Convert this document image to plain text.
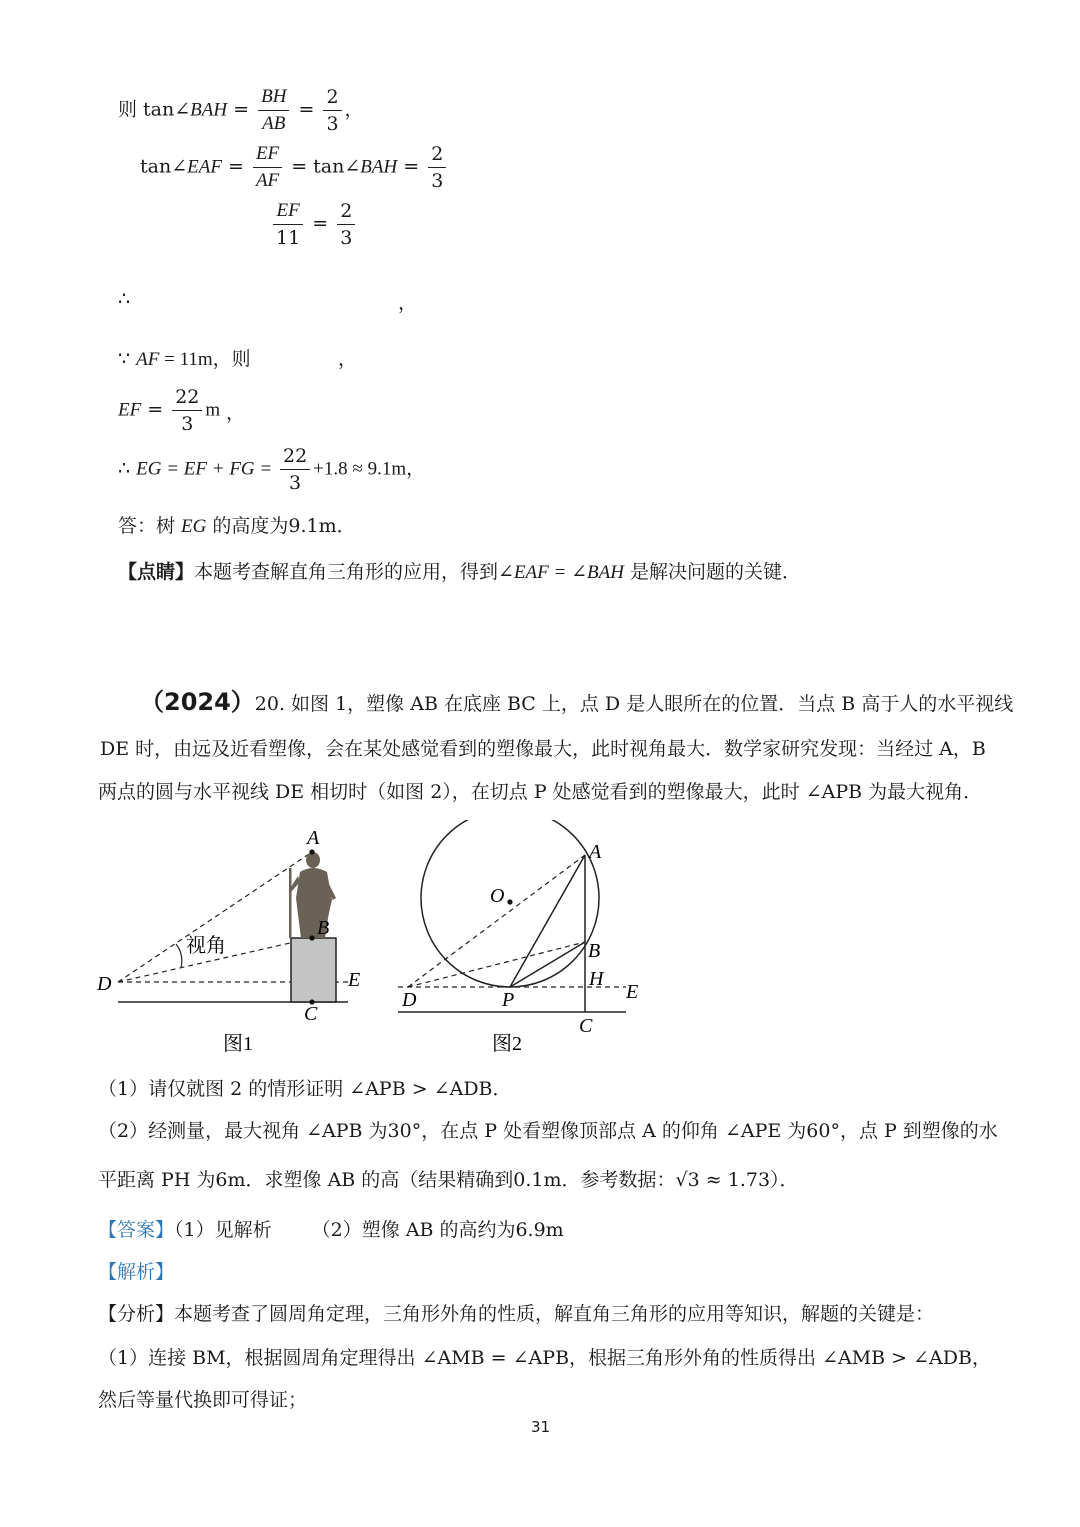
则 tan∠BAH = $\frac{BH}{AB} = \frac{2}{3}$ ，
tan∠EAF = $\frac{EF}{AF}$ = tan∠BAH = $\frac{2}{3}$
$\frac{EF}{11} = \frac{2}{3}$
∴	，
∵ AF = 11m，则	，
EF = $\frac{22}{3}$ m ，
∴ EG = EF + FG = $\frac{22}{3} +1.8 \approx 9.1m$，
答：树 EG 的高度为9.1m．
【点睛】本题考查解直角三角形的应用，得到∠EAF = ∠BAH 是解决问题的关键．
（2024）20. 如图 1，塑像 AB 在底座 BC 上，点 D 是人眼所在的位置．当点 B 高于人的水平视线
DE 时，由远及近看塑像，会在某处感觉看到的塑像最大，此时视角最大．数学家研究发现：当经过 A，B
两点的圆与水平视线 DE 相切时（如图 2），在切点 P 处感觉看到的塑像最大，此时 ∠APB 为最大视角．
A
B
C
D	E
视角
图1
A
B
H
E
D	P
C
O
图2
（1）请仅就图 2 的情形证明 ∠APB > ∠ADB．
（2）经测量，最大视角 ∠APB 为30°，在点 P 处看塑像顶部点 A 的仰角 ∠APE 为60°，点 P 到塑像的水
平距离 PH 为6m．求塑像 AB 的高（结果精确到0.1m．参考数据：√3 ≈ 1.73）．
【答案】（1）见解析 （2）塑像 AB 的高约为6.9m
【解析】
【分析】本题考查了圆周角定理，三角形外角的性质，解直角三角形的应用等知识，解题的关键是：
（1）连接 BM，根据圆周角定理得出 ∠AMB = ∠APB，根据三角形外角的性质得出 ∠AMB > ∠ADB，
然后等量代换即可得证；
31
